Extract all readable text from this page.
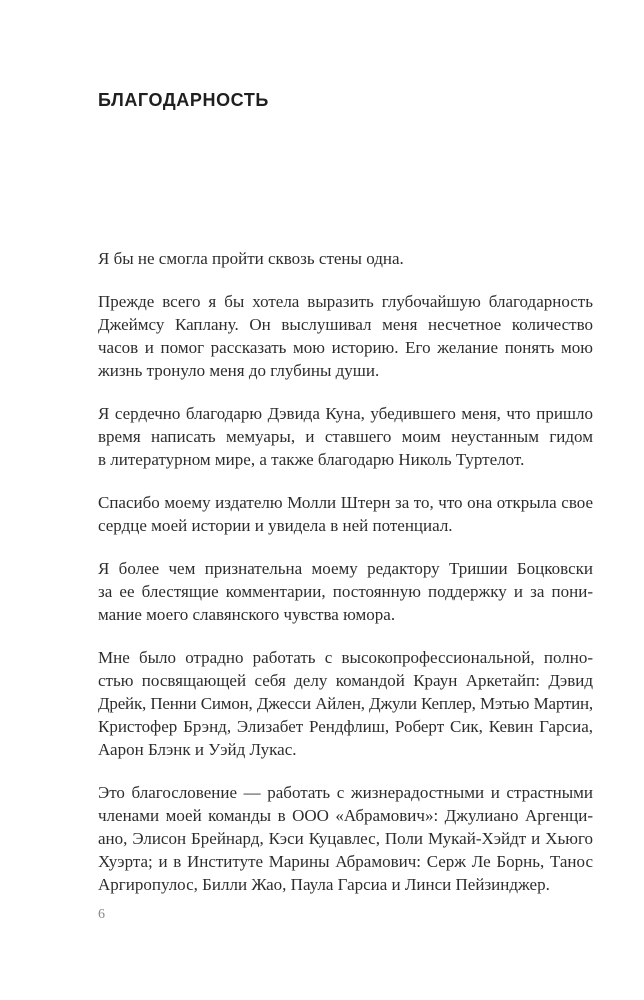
БЛАГОДАРНОСТЬ
Я бы не смогла пройти сквозь стены одна.
Прежде всего я бы хотела выразить глубочайшую благодарность
Джеймсу Каплану. Он выслушивал меня несчетное количество
часов и помог рассказать мою историю. Его желание понять мою
жизнь тронуло меня до глубины души.
Я сердечно благодарю Дэвида Куна, убедившего меня, что пришло
время написать мемуары, и ставшего моим неустанным гидом
в литературном мире, а также благодарю Николь Туртелот.
Спасибо моему издателю Молли Штерн за то, что она открыла свое
сердце моей истории и увидела в ней потенциал.
Я более чем признательна моему редактору Тришии Боцковски
за ее блестящие комментарии, постоянную поддержку и за пони-
мание моего славянского чувства юмора.
Мне было отрадно работать с высокопрофессиональной, полно-
стью посвящающей себя делу командой Краун Аркетайп: Дэвид
Дрейк, Пенни Симон, Джесси Айлен, Джули Кеплер, Мэтью Мартин,
Кристофер Брэнд, Элизабет Рендфлиш, Роберт Сик, Кевин Гарсиа,
Аарон Блэнк и Уэйд Лукас.
Это благословение — работать с жизнерадостными и страстными
членами моей команды в ООО «Абрамович»: Джулиано Аргенци-
ано, Элисон Брейнард, Кэси Куцавлес, Поли Мукай-Хэйдт и Хьюго
Хуэрта; и в Институте Марины Абрамович: Серж Ле Борнь, Танос
Аргиропулос, Билли Жао, Паула Гарсиа и Линси Пейзинджер.
6
